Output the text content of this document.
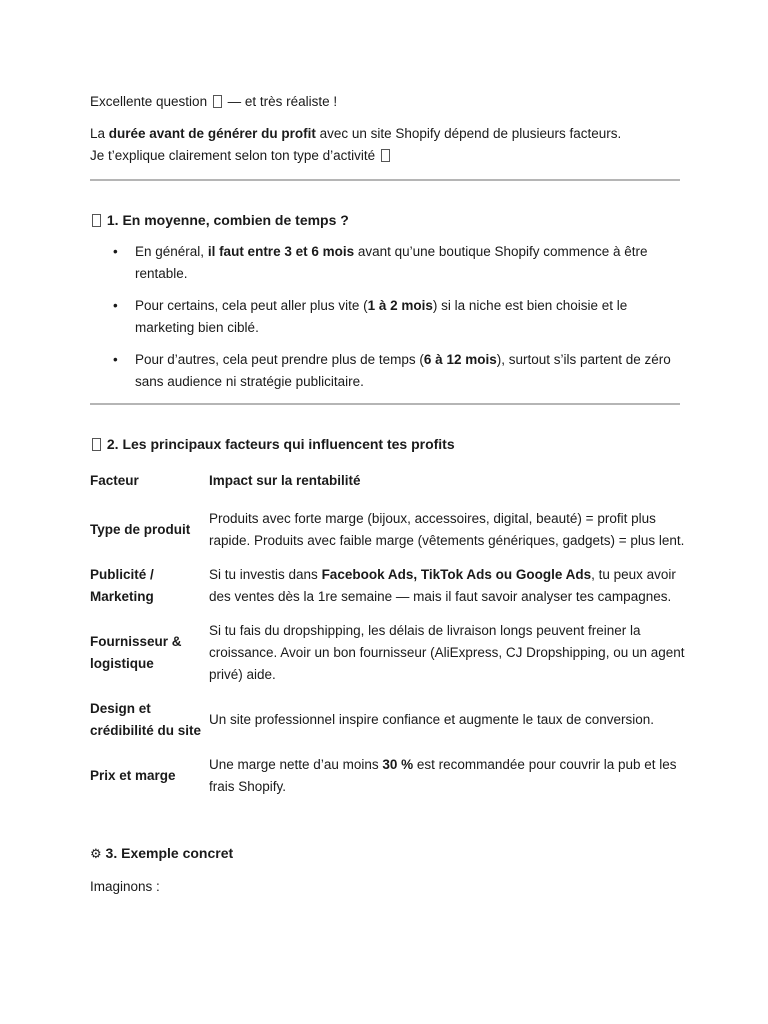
Excellente question  — et très réaliste !

La durée avant de générer du profit avec un site Shopify dépend de plusieurs facteurs.

Je t’explique clairement selon ton type d’activité

1. En moyenne, combien de temps ?
• En général, il faut entre 3 et 6 mois avant qu’une boutique Shopify commence à être rentable.
• Pour certains, cela peut aller plus vite (1 à 2 mois) si la niche est bien choisie et le marketing bien ciblé.
• Pour d’autres, cela peut prendre plus de temps (6 à 12 mois), surtout s’ils partent de zéro sans audience ni stratégie publicitaire.
2. Les principaux facteurs qui influencent tes profits
Facteur	Impact sur la rentabilité
Type de produit	Produits avec forte marge (bijoux, accessoires, digital, beauté) = profit plus rapide. Produits avec faible marge (vêtements génériques, gadgets) = plus lent.
Publicité / Marketing	Si tu investis dans Facebook Ads, TikTok Ads ou Google Ads, tu peux avoir des ventes dès la 1re semaine — mais il faut savoir analyser tes campagnes.
Fournisseur & logistique	Si tu fais du dropshipping, les délais de livraison longs peuvent freiner la croissance. Avoir un bon fournisseur (AliExpress, CJ Dropshipping, ou un agent privé) aide.
Design et crédibilité du site	Un site professionnel inspire confiance et augmente le taux de conversion.
Prix et marge	Une marge nette d’au moins 30 % est recommandée pour couvrir la pub et les frais Shopify.
⚙ 3. Exemple concret

Imaginons :
